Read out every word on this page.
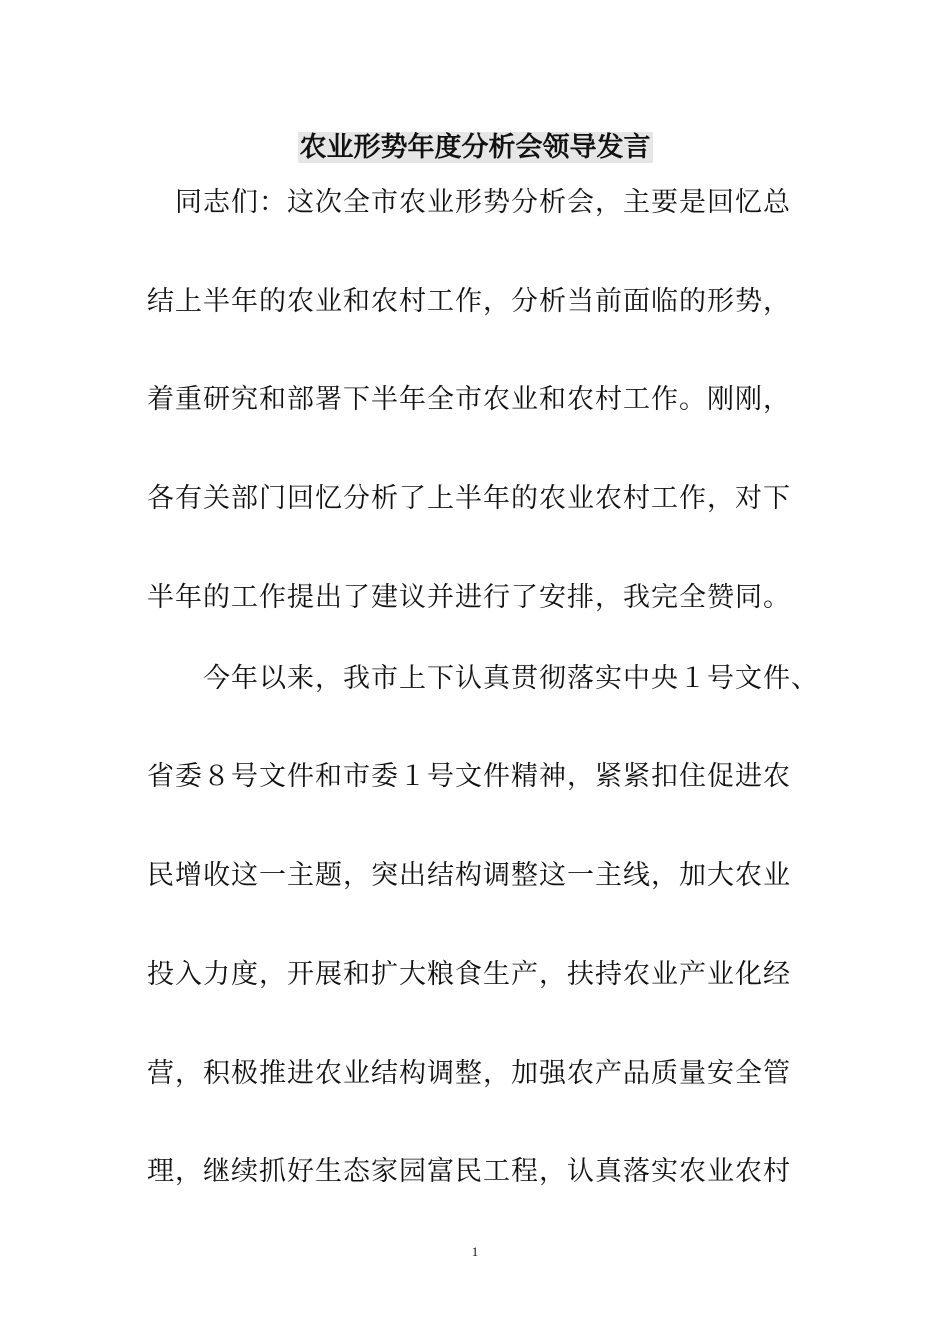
农业形势年度分析会领导发言
同志们：这次全市农业形势分析会，主要是回忆总
结上半年的农业和农村工作，分析当前面临的形势，
着重研究和部署下半年全市农业和农村工作。刚刚，
各有关部门回忆分析了上半年的农业农村工作，对下
半年的工作提出了建议并进行了安排，我完全赞同。
今年以来，我市上下认真贯彻落实中央１号文件、
省委８号文件和市委１号文件精神，紧紧扣住促进农
民增收这一主题，突出结构调整这一主线，加大农业
投入力度，开展和扩大粮食生产，扶持农业产业化经
营，积极推进农业结构调整，加强农产品质量安全管
理，继续抓好生态家园富民工程，认真落实农业农村
1
